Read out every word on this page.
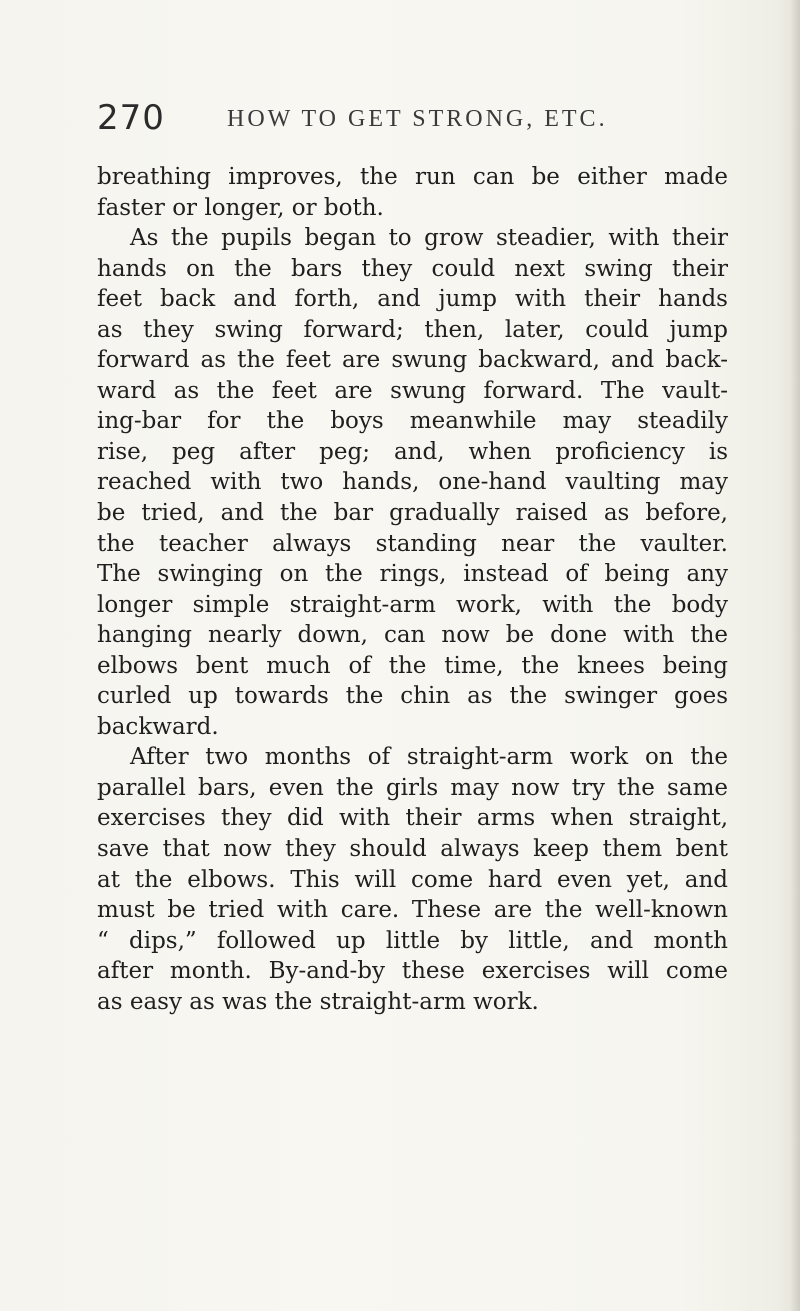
270	HOW TO GET STRONG, ETC.
breathing improves, the run can be either made
faster or longer, or both.
As the pupils began to grow steadier, with their
hands on the bars they could next swing their
feet back and forth, and jump with their hands
as they swing forward; then, later, could jump
forward as the feet are swung backward, and back-
ward as the feet are swung forward. The vault-
ing-bar for the boys meanwhile may steadily
rise, peg after peg; and, when proficiency is
reached with two hands, one-hand vaulting may
be tried, and the bar gradually raised as before,
the teacher always standing near the vaulter.
The swinging on the rings, instead of being any
longer simple straight-arm work, with the body
hanging nearly down, can now be done with the
elbows bent much of the time, the knees being
curled up towards the chin as the swinger goes
backward.
After two months of straight-arm work on the
parallel bars, even the girls may now try the same
exercises they did with their arms when straight,
save that now they should always keep them bent
at the elbows. This will come hard even yet, and
must be tried with care. These are the well-known
“ dips,” followed up little by little, and month
after month. By-and-by these exercises will come
as easy as was the straight-arm work.
